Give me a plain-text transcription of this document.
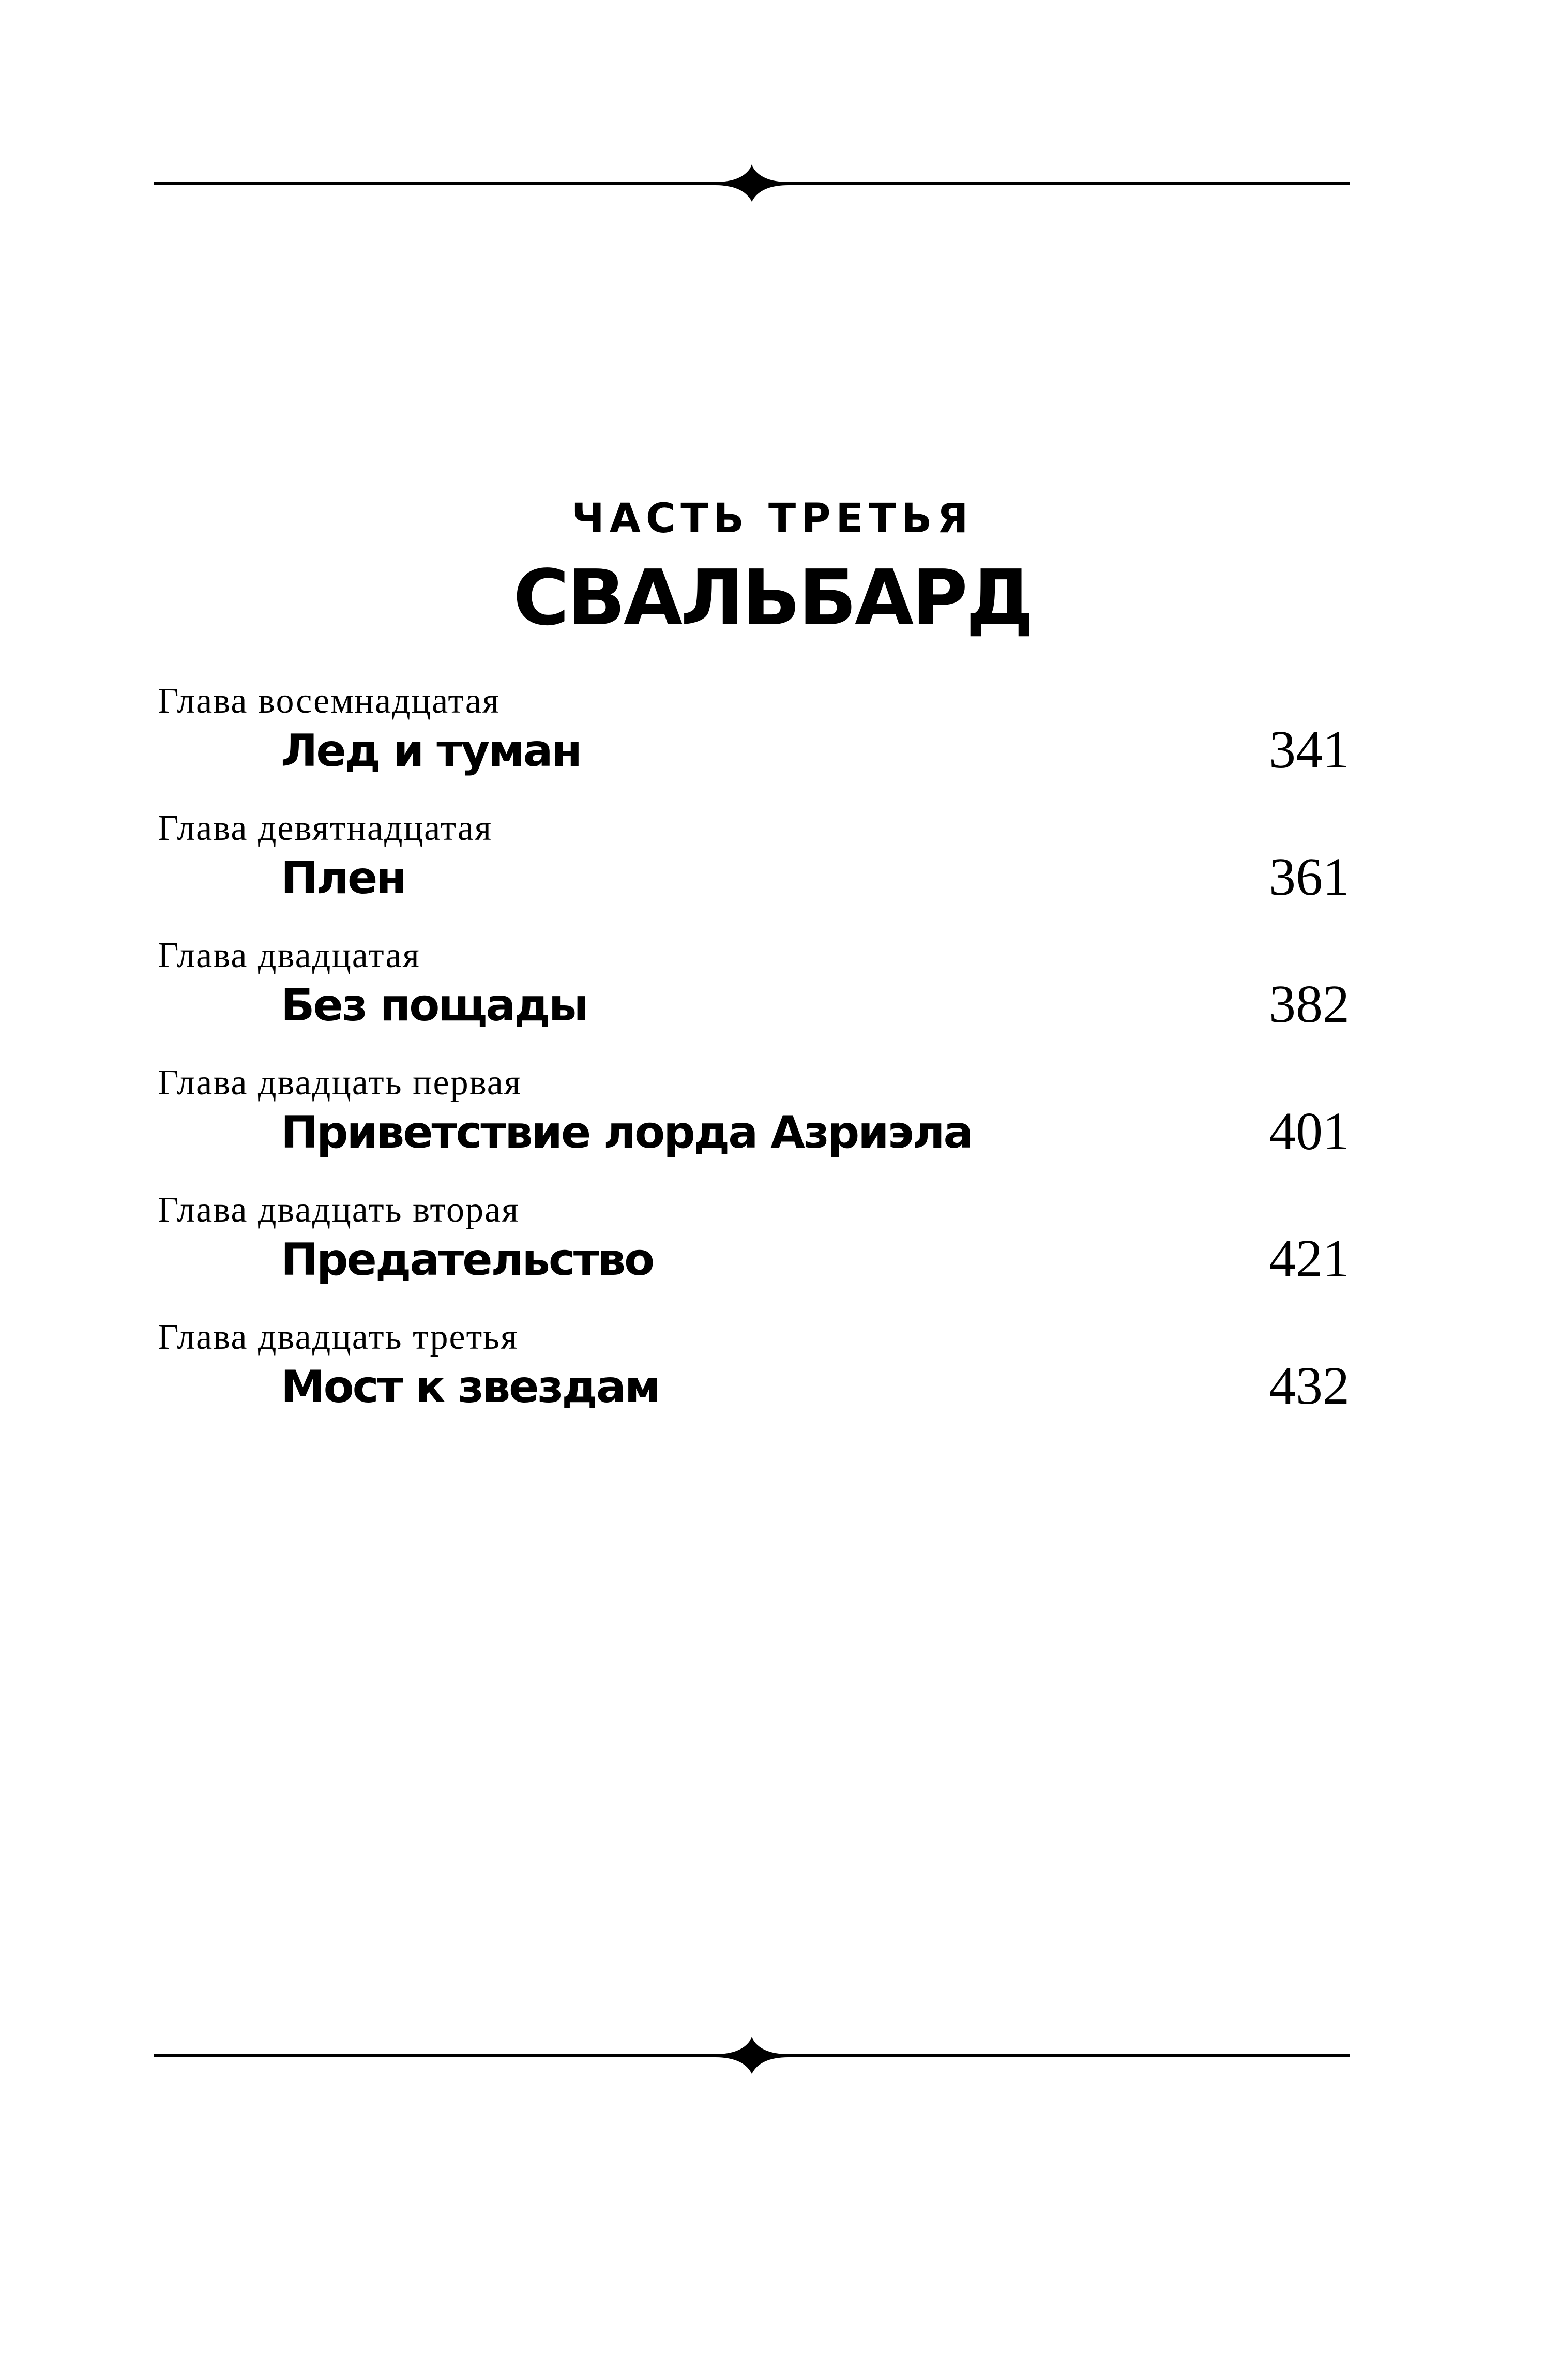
ЧАСТЬ ТРЕТЬЯ
СВАЛЬБАРД
Глава восемнадцатая
Лед и туман	341
Глава девятнадцатая
Плен	361
Глава двадцатая
Без пощады	382
Глава двадцать первая
Приветствие лорда Азриэла	401
Глава двадцать вторая
Предательство	421
Глава двадцать третья
Мост к звездам	432
